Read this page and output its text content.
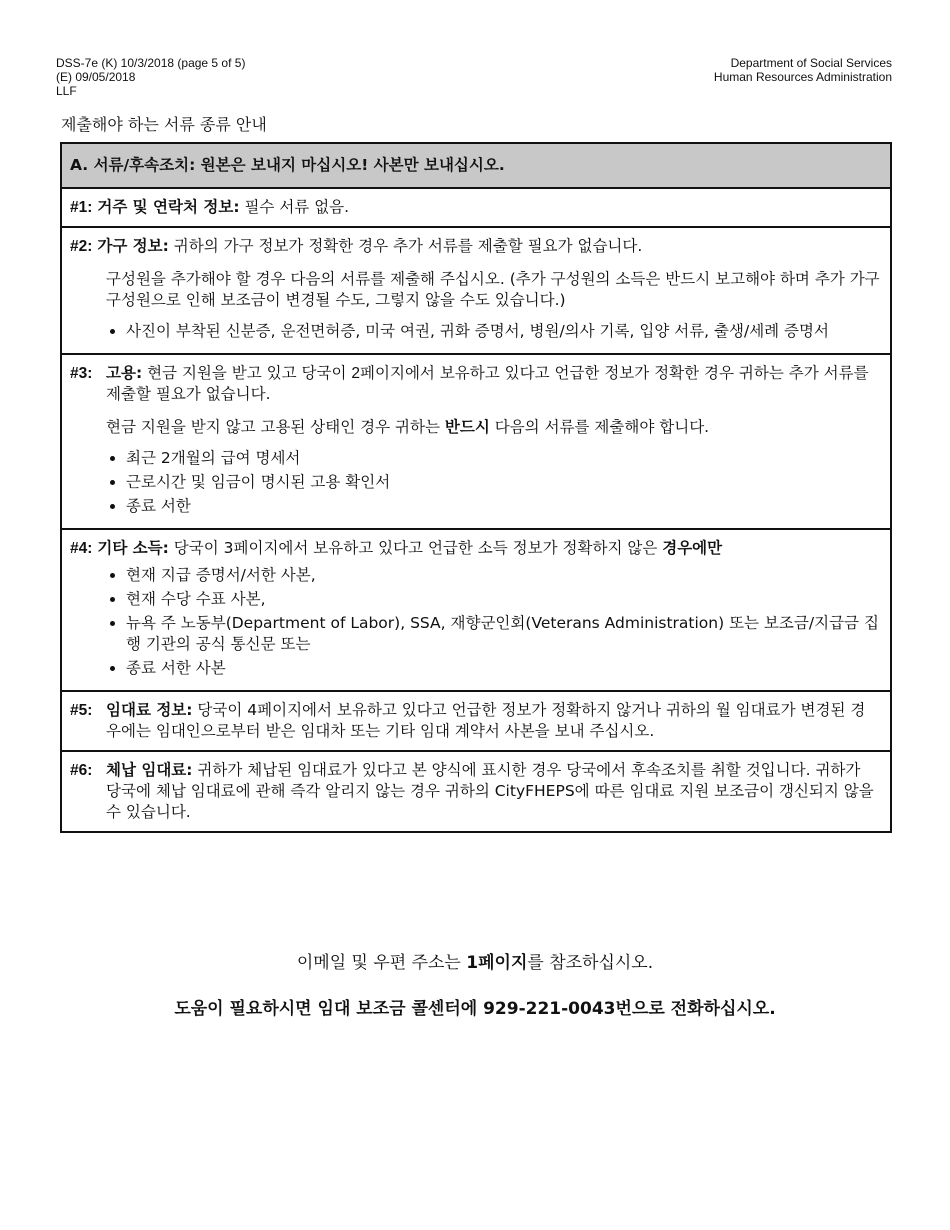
DSS-7e (K) 10/3/2018 (page 5 of 5)
(E) 09/05/2018
LLF
Department of Social Services
Human Resources Administration
제출해야 하는 서류 종류 안내
A. 서류/후속조치: 원본은 보내지 마십시오! 사본만 보내십시오.
#1: 거주 및 연락처 정보: 필수 서류 없음.
#2: 가구 정보: 귀하의 가구 정보가 정확한 경우 추가 서류를 제출할 필요가 없습니다.
구성원을 추가해야 할 경우 다음의 서류를 제출해 주십시오. (추가 구성원의 소득은 반드시 보고해야 하며 추가 가구 구성원으로 인해 보조금이 변경될 수도, 그렇지 않을 수도 있습니다.)
• 사진이 부착된 신분증, 운전면허증, 미국 여권, 귀화 증명서, 병원/의사 기록, 입양 서류, 출생/세례 증명서
#3: 고용: 현금 지원을 받고 있고 당국이 2페이지에서 보유하고 있다고 언급한 정보가 정확한 경우 귀하는 추가 서류를 제출할 필요가 없습니다.
현금 지원을 받지 않고 고용된 상태인 경우 귀하는 반드시 다음의 서류를 제출해야 합니다.
• 최근 2개월의 급여 명세서
• 근로시간 및 임금이 명시된 고용 확인서
• 종료 서한
#4: 기타 소득: 당국이 3페이지에서 보유하고 있다고 언급한 소득 정보가 정확하지 않은 경우에만
• 현재 지급 증명서/서한 사본,
• 현재 수당 수표 사본,
• 뉴욕 주 노동부(Department of Labor), SSA, 재향군인회(Veterans Administration) 또는 보조금/지급금 집행 기관의 공식 통신문 또는
• 종료 서한 사본
#5: 임대료 정보: 당국이 4페이지에서 보유하고 있다고 언급한 정보가 정확하지 않거나 귀하의 월 임대료가 변경된 경우에는 임대인으로부터 받은 임대차 또는 기타 임대 계약서 사본을 보내 주십시오.
#6: 체납 임대료: 귀하가 체납된 임대료가 있다고 본 양식에 표시한 경우 당국에서 후속조치를 취할 것입니다. 귀하가 당국에 체납 임대료에 관해 즉각 알리지 않는 경우 귀하의 CityFHEPS에 따른 임대료 지원 보조금이 갱신되지 않을 수 있습니다.
이메일 및 우편 주소는 1페이지를 참조하십시오.
도움이 필요하시면 임대 보조금 콜센터에 929-221-0043번으로 전화하십시오.
